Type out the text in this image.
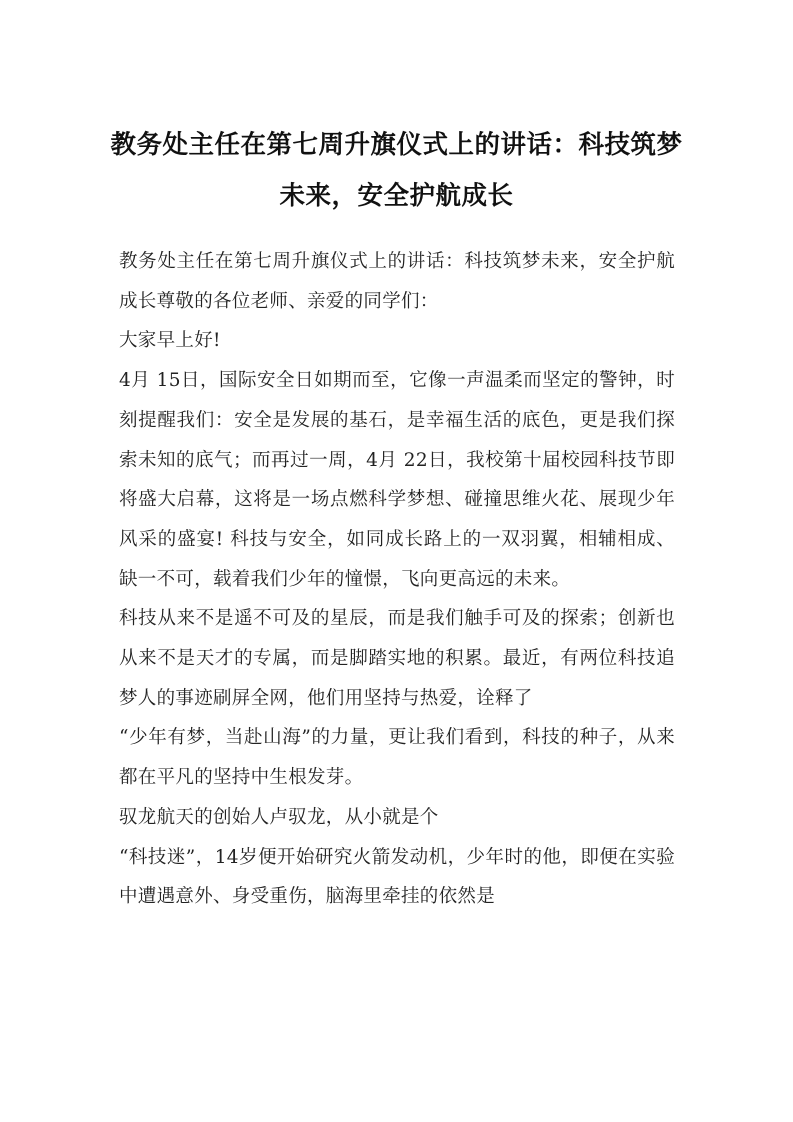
教务处主任在第七周升旗仪式上的讲话：科技筑梦未来，安全护航成长

教务处主任在第七周升旗仪式上的讲话：科技筑梦未来，安全护航成长尊敬的各位老师、亲爱的同学们：

大家早上好!

4月 15日，国际安全日如期而至，它像一声温柔而坚定的警钟，时刻提醒我们：安全是发展的基石，是幸福生活的底色，更是我们探索未知的底气；而再过一周，4月 22日，我校第十届校园科技节即将盛大启幕，这将是一场点燃科学梦想、碰撞思维火花、展现少年风采的盛宴! 科技与安全，如同成长路上的一双羽翼，相辅相成、缺一不可，载着我们少年的憧憬，飞向更高远的未来。

科技从来不是遥不可及的星辰，而是我们触手可及的探索；创新也从来不是天才的专属，而是脚踏实地的积累。最近，有两位科技追梦人的事迹刷屏全网，他们用坚持与热爱，诠释了

“少年有梦，当赴山海”的力量，更让我们看到，科技的种子，从来都在平凡的坚持中生根发芽。

驭龙航天的创始人卢驭龙，从小就是个

“科技迷”，14岁便开始研究火箭发动机，少年时的他，即便在实验中遭遇意外、身受重伤，脑海里牵挂的依然是
